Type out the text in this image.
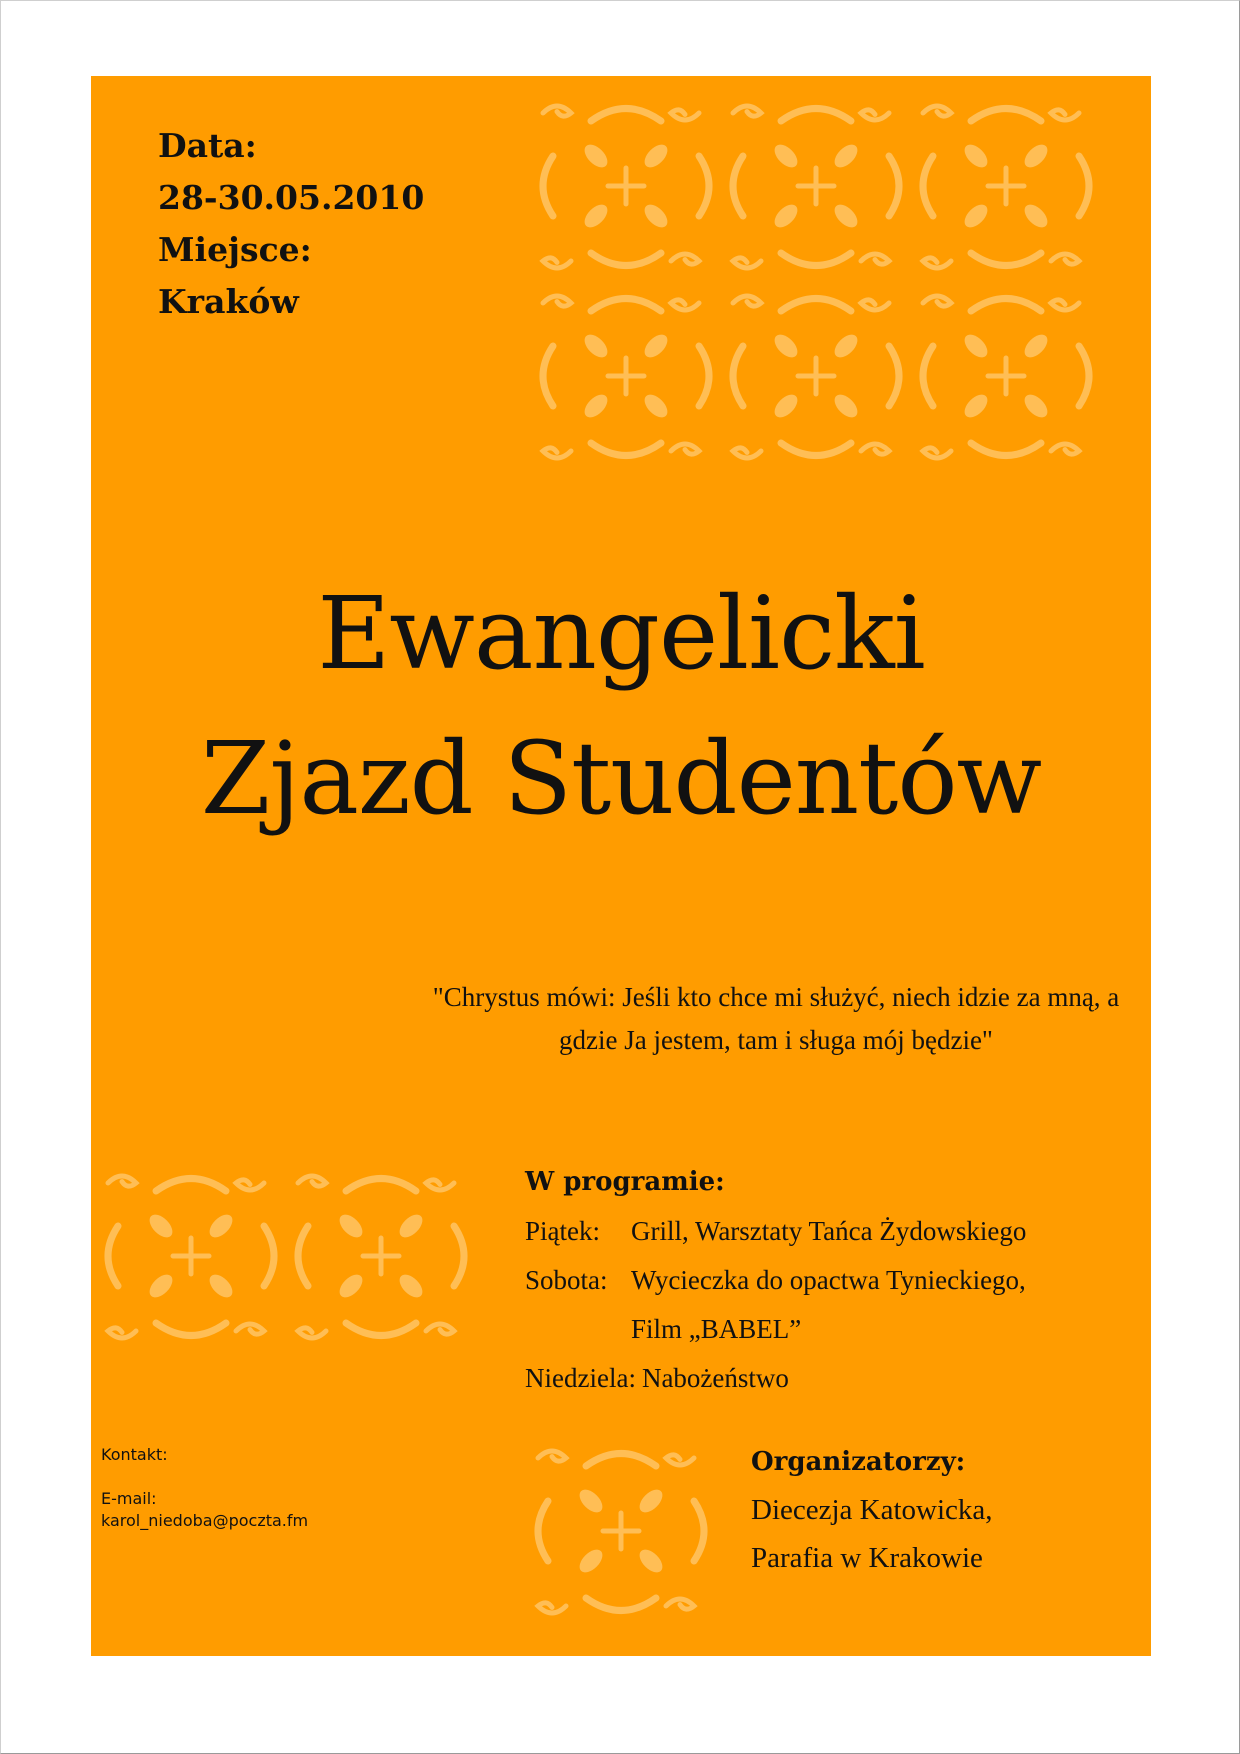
Data:
28-30.05.2010
Miejsce:
Kraków
Ewangelicki
Zjazd Studentów
"Chrystus mówi: Jeśli kto chce mi służyć, niech idzie za mną, a gdzie Ja jestem, tam i sługa mój będzie"
W programie:
Piątek:	Grill, Warsztaty Tańca Żydowskiego
Sobota: Wycieczka do opactwa Tynieckiego,
Film „BABEL”
Niedziela: Nabożeństwo
Kontakt:
E-mail:
karol_niedoba@poczta.fm
Organizatorzy:
Diecezja Katowicka,
Parafia w Krakowie
